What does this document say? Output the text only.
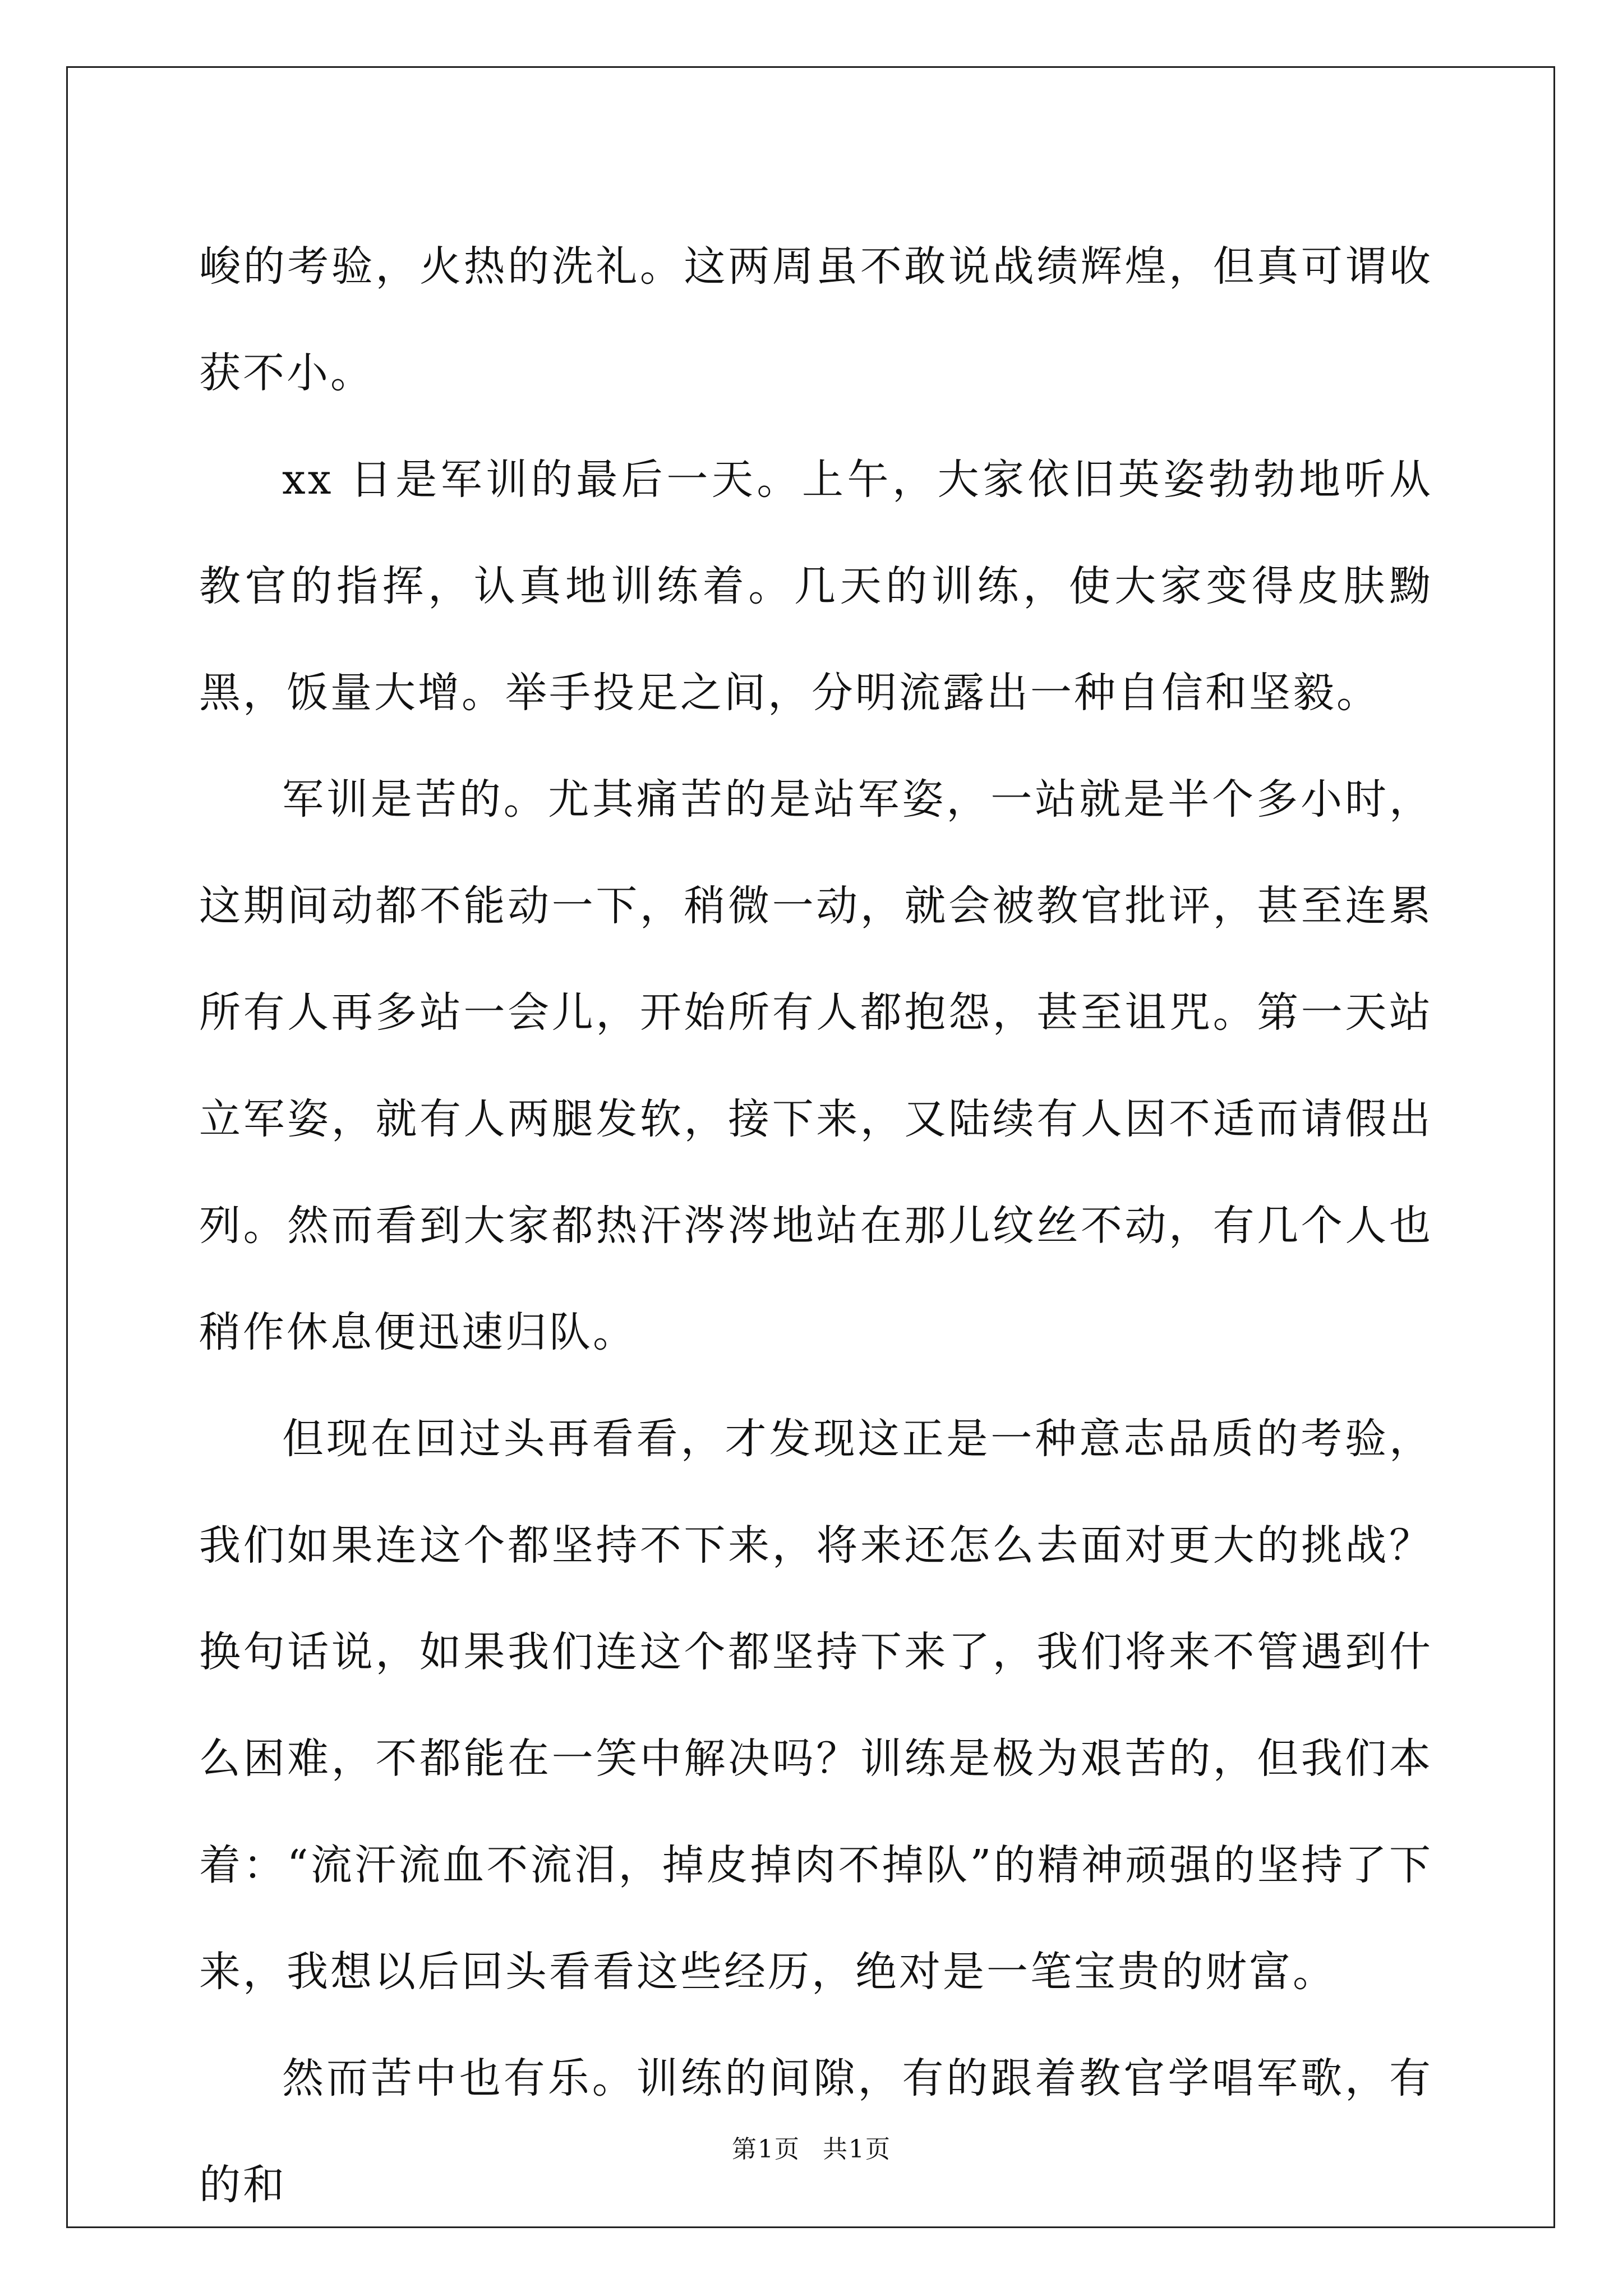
峻的考验，火热的洗礼。这两周虽不敢说战绩辉煌，但真可谓收获不小。

xx 日是军训的最后一天。上午，大家依旧英姿勃勃地听从教官的指挥，认真地训练着。几天的训练，使大家变得皮肤黝黑，饭量大增。举手投足之间，分明流露出一种自信和坚毅。

军训是苦的。尤其痛苦的是站军姿，一站就是半个多小时，这期间动都不能动一下，稍微一动，就会被教官批评，甚至连累所有人再多站一会儿，开始所有人都抱怨，甚至诅咒。第一天站立军姿，就有人两腿发软，接下来，又陆续有人因不适而请假出列。然而看到大家都热汗涔涔地站在那儿纹丝不动，有几个人也稍作休息便迅速归队。

但现在回过头再看看，才发现这正是一种意志品质的考验，我们如果连这个都坚持不下来，将来还怎么去面对更大的挑战？换句话说，如果我们连这个都坚持下来了，我们将来不管遇到什么困难，不都能在一笑中解决吗？训练是极为艰苦的，但我们本着：“流汗流血不流泪，掉皮掉肉不掉队”的精神顽强的坚持了下来，我想以后回头看看这些经历，绝对是一笔宝贵的财富。

然而苦中也有乐。训练的间隙，有的跟着教官学唱军歌，有的和

第1页 共1页
